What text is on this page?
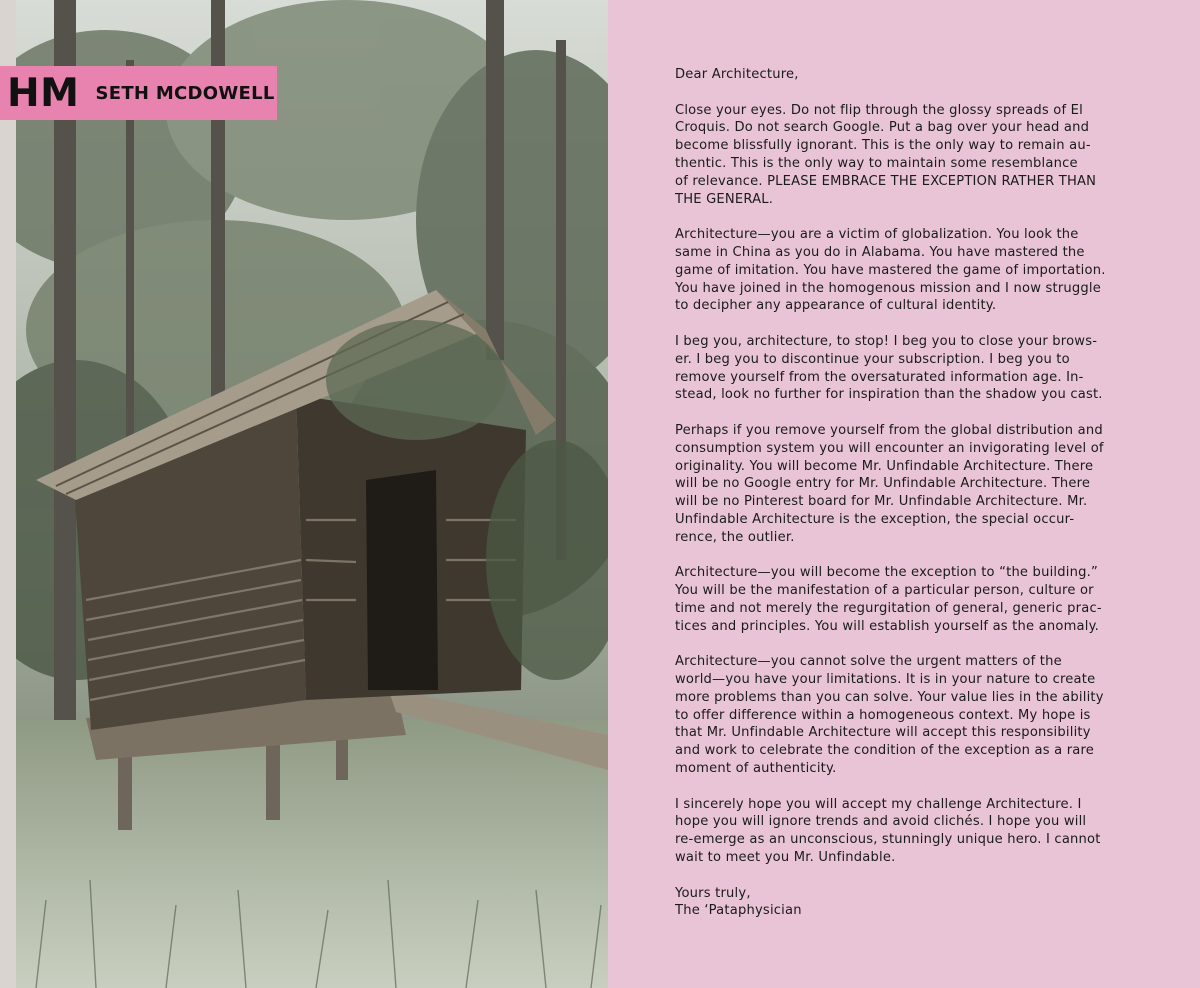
HM SETH MCDOWELL

Dear Architecture,

Close your eyes. Do not flip through the glossy spreads of El
Croquis. Do not search Google. Put a bag over your head and
become blissfully ignorant. This is the only way to remain au-
thentic. This is the only way to maintain some resemblance
of relevance. PLEASE EMBRACE THE EXCEPTION RATHER THAN
THE GENERAL.

Architecture—you are a victim of globalization. You look the
same in China as you do in Alabama. You have mastered the
game of imitation. You have mastered the game of importation.
You have joined in the homogenous mission and I now struggle
to decipher any appearance of cultural identity.

I beg you, architecture, to stop! I beg you to close your brows-
er. I beg you to discontinue your subscription. I beg you to
remove yourself from the oversaturated information age. In-
stead, look no further for inspiration than the shadow you cast.

Perhaps if you remove yourself from the global distribution and
consumption system you will encounter an invigorating level of
originality. You will become Mr. Unfindable Architecture. There
will be no Google entry for Mr. Unfindable Architecture. There
will be no Pinterest board for Mr. Unfindable Architecture. Mr.
Unfindable Architecture is the exception, the special occur-
rence, the outlier.

Architecture—you will become the exception to “the building.”
You will be the manifestation of a particular person, culture or
time and not merely the regurgitation of general, generic prac-
tices and principles. You will establish yourself as the anomaly.

Architecture—you cannot solve the urgent matters of the
world—you have your limitations. It is in your nature to create
more problems than you can solve. Your value lies in the ability
to offer difference within a homogeneous context. My hope is
that Mr. Unfindable Architecture will accept this responsibility
and work to celebrate the condition of the exception as a rare
moment of authenticity.

I sincerely hope you will accept my challenge Architecture. I
hope you will ignore trends and avoid clichés. I hope you will
re-emerge as an unconscious, stunningly unique hero. I cannot
wait to meet you Mr. Unfindable.

Yours truly,
The ‘Pataphysician
